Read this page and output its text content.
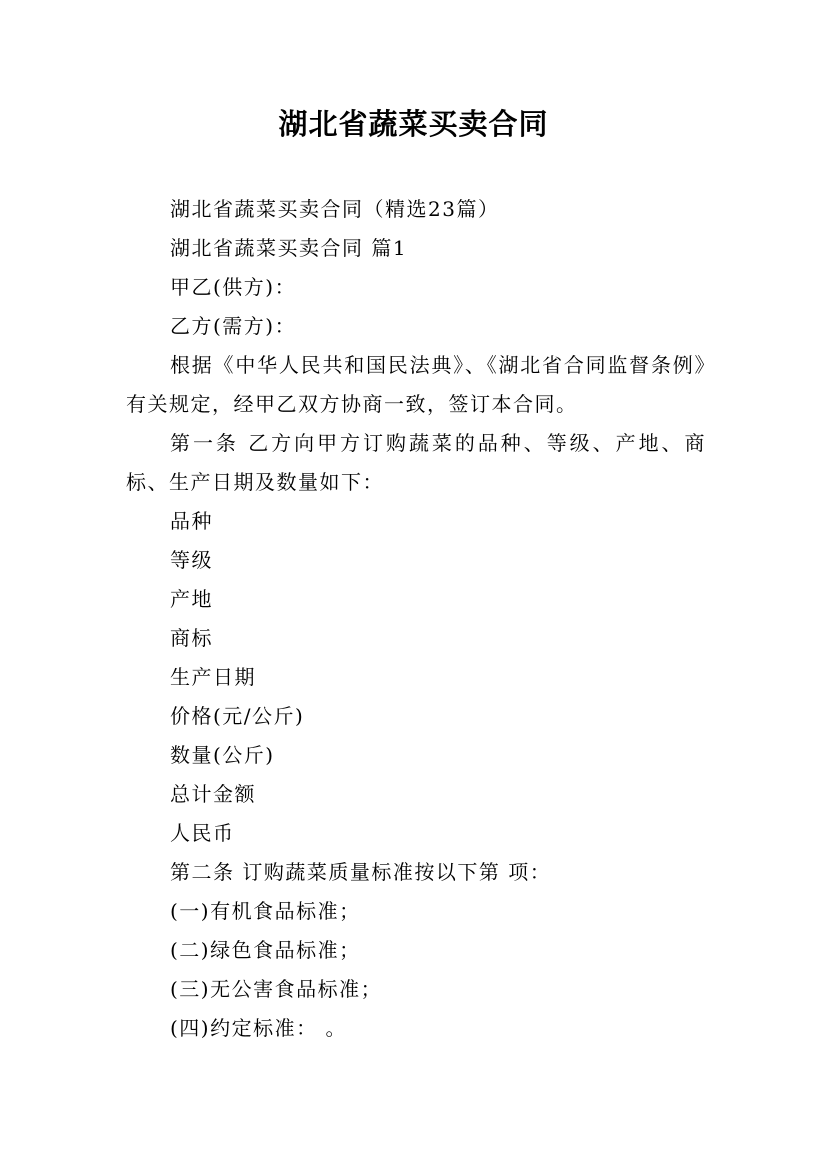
湖北省蔬菜买卖合同

湖北省蔬菜买卖合同（精选23篇）

湖北省蔬菜买卖合同 篇1

甲乙(供方)：

乙方(需方)：

根据《中华人民共和国民法典》、《湖北省合同监督条例》有关规定，经甲乙双方协商一致，签订本合同。

第一条 乙方向甲方订购蔬菜的品种、等级、产地、商标、生产日期及数量如下：

品种

等级

产地

商标

生产日期

价格(元/公斤)

数量(公斤)

总计金额

人民币

第二条 订购蔬菜质量标准按以下第 项：

(一)有机食品标准；

(二)绿色食品标准；

(三)无公害食品标准；

(四)约定标准： 。
